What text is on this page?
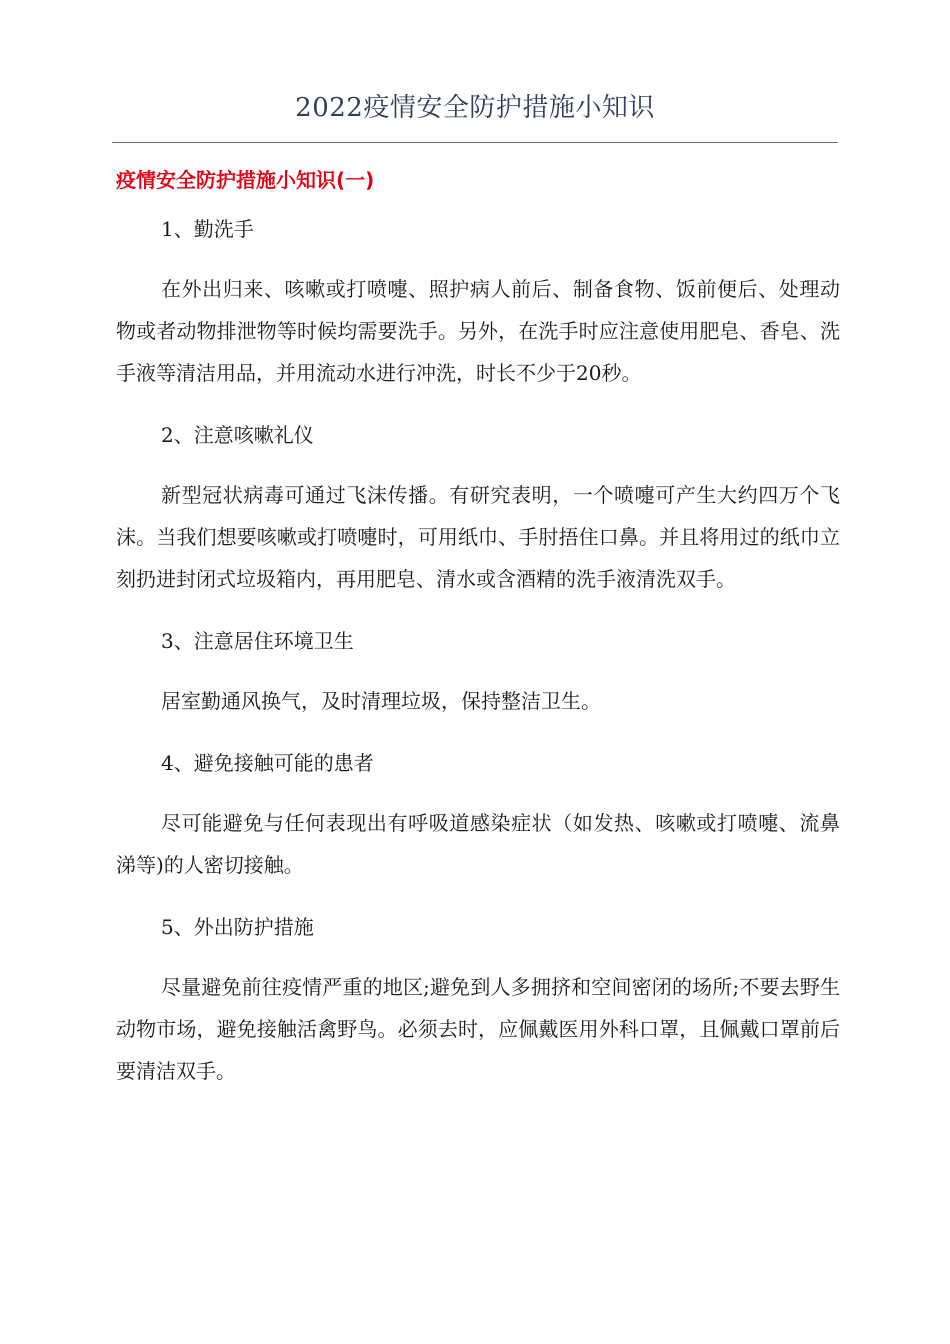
2022疫情安全防护措施小知识
疫情安全防护措施小知识(一)
1、勤洗手

在外出归来、咳嗽或打喷嚏、照护病人前后、制备食物、饭前便后、处理动物或者动物排泄物等时候均需要洗手。另外，在洗手时应注意使用肥皂、香皂、洗手液等清洁用品，并用流动水进行冲洗，时长不少于20秒。

2、注意咳嗽礼仪

新型冠状病毒可通过飞沫传播。有研究表明，一个喷嚏可产生大约四万个飞沫。当我们想要咳嗽或打喷嚏时，可用纸巾、手肘捂住口鼻。并且将用过的纸巾立刻扔进封闭式垃圾箱内，再用肥皂、清水或含酒精的洗手液清洗双手。

3、注意居住环境卫生

居室勤通风换气，及时清理垃圾，保持整洁卫生。

4、避免接触可能的患者

尽可能避免与任何表现出有呼吸道感染症状（如发热、咳嗽或打喷嚏、流鼻涕等)的人密切接触。

5、外出防护措施

尽量避免前往疫情严重的地区;避免到人多拥挤和空间密闭的场所;不要去野生动物市场，避免接触活禽野鸟。必须去时，应佩戴医用外科口罩，且佩戴口罩前后要清洁双手。
